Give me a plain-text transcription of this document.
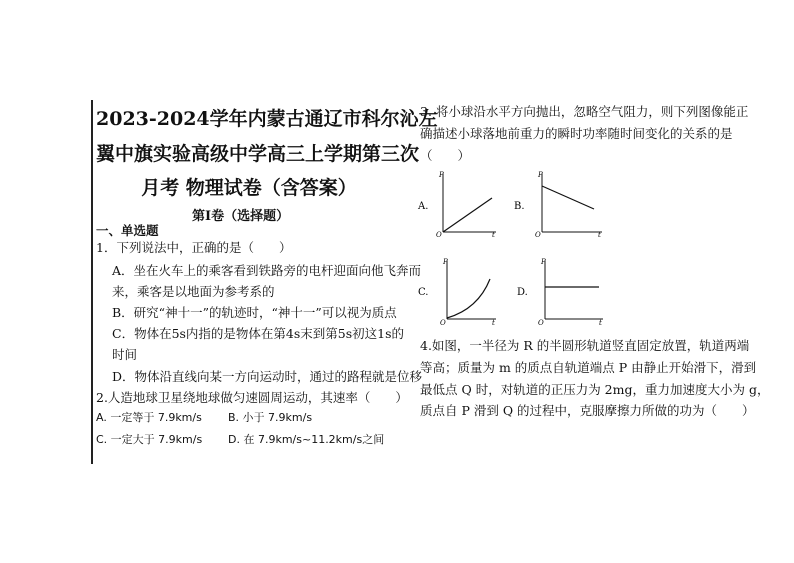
2023-2024学年内蒙古通辽市科尔沁左
翼中旗实验高级中学高三上学期第三次
月考 物理试卷（含答案）
第Ⅰ卷（选择题）
一、单选题
1．下列说法中，正确的是（　　）
A．坐在火车上的乘客看到铁路旁的电杆迎面向他飞奔而
来，乘客是以地面为参考系的
B．研究“神十一”的轨迹时，“神十一”可以视为质点
C．物体在5s内指的是物体在第4s末到第5s初这1s的
时间
D．物体沿直线向某一方向运动时，通过的路程就是位移
2.人造地球卫星绕地球做匀速圆周运动，其速率（　　）
A. 一定等于 7.9km/s B. 小于 7.9km/s
C. 一定大于 7.9km/s D. 在 7.9km/s~11.2km/s之间
3. 将小球沿水平方向抛出，忽略空气阻力，则下列图像能正
确描述小球落地前重力的瞬时功率随时间变化的关系的是
（　　）
A.
P
t
O
B.
P
t
O
C.
P
t
O
D.
P
t
O
4.如图，一半径为 R 的半圆形轨道竖直固定放置，轨道两端
等高；质量为 m 的质点自轨道端点 P 由静止开始滑下，滑到
最低点 Q 时，对轨道的正压力为 2mg，重力加速度大小为 g，
质点自 P 滑到 Q 的过程中，克服摩擦力所做的功为（　　）
